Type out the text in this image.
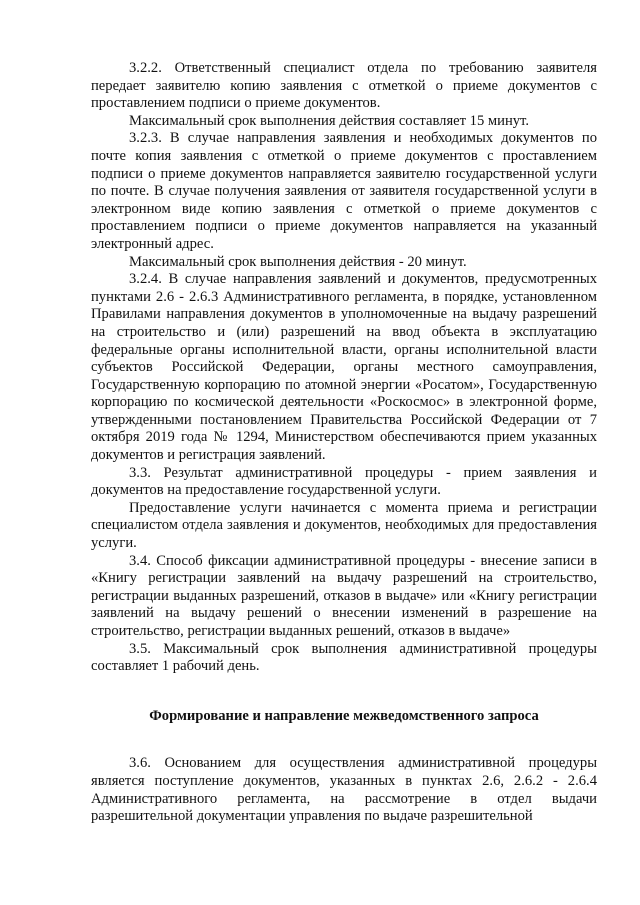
3.2.2. Ответственный специалист отдела по требованию заявителя передает заявителю копию заявления с отметкой о приеме документов с проставлением подписи о приеме документов.

Максимальный срок выполнения действия составляет 15 минут.

3.2.3. В случае направления заявления и необходимых документов по почте копия заявления с отметкой о приеме документов с проставлением подписи о приеме документов направляется заявителю государственной услуги по почте. В случае получения заявления от заявителя государственной услуги в электронном виде копию заявления с отметкой о приеме документов с проставлением подписи о приеме документов направляется на указанный электронный адрес.

Максимальный срок выполнения действия - 20 минут.

3.2.4. В случае направления заявлений и документов, предусмотренных пунктами 2.6 - 2.6.3 Административного регламента, в порядке, установленном Правилами направления документов в уполномоченные на выдачу разрешений на строительство и (или) разрешений на ввод объекта в эксплуатацию федеральные органы исполнительной власти, органы исполнительной власти субъектов Российской Федерации, органы местного самоуправления, Государственную корпорацию по атомной энергии «Росатом», Государственную корпорацию по космической деятельности «Роскосмос» в электронной форме, утвержденными постановлением Правительства Российской Федерации от 7 октября 2019 года № 1294, Министерством обеспечиваются прием указанных документов и регистрация заявлений.

3.3. Результат административной процедуры - прием заявления и документов на предоставление государственной услуги.

Предоставление услуги начинается с момента приема и регистрации специалистом отдела заявления и документов, необходимых для предоставления услуги.

3.4. Способ фиксации административной процедуры - внесение записи в «Книгу регистрации заявлений на выдачу разрешений на строительство, регистрации выданных разрешений, отказов в выдаче» или «Книгу регистрации заявлений на выдачу решений о внесении изменений в разрешение на строительство, регистрации выданных решений, отказов в выдаче»

3.5. Максимальный срок выполнения административной процедуры составляет 1 рабочий день.

Формирование и направление межведомственного запроса

3.6. Основанием для осуществления административной процедуры является поступление документов, указанных в пунктах 2.6, 2.6.2 - 2.6.4 Административного регламента, на рассмотрение в отдел выдачи разрешительной документации управления по выдаче разрешительной
